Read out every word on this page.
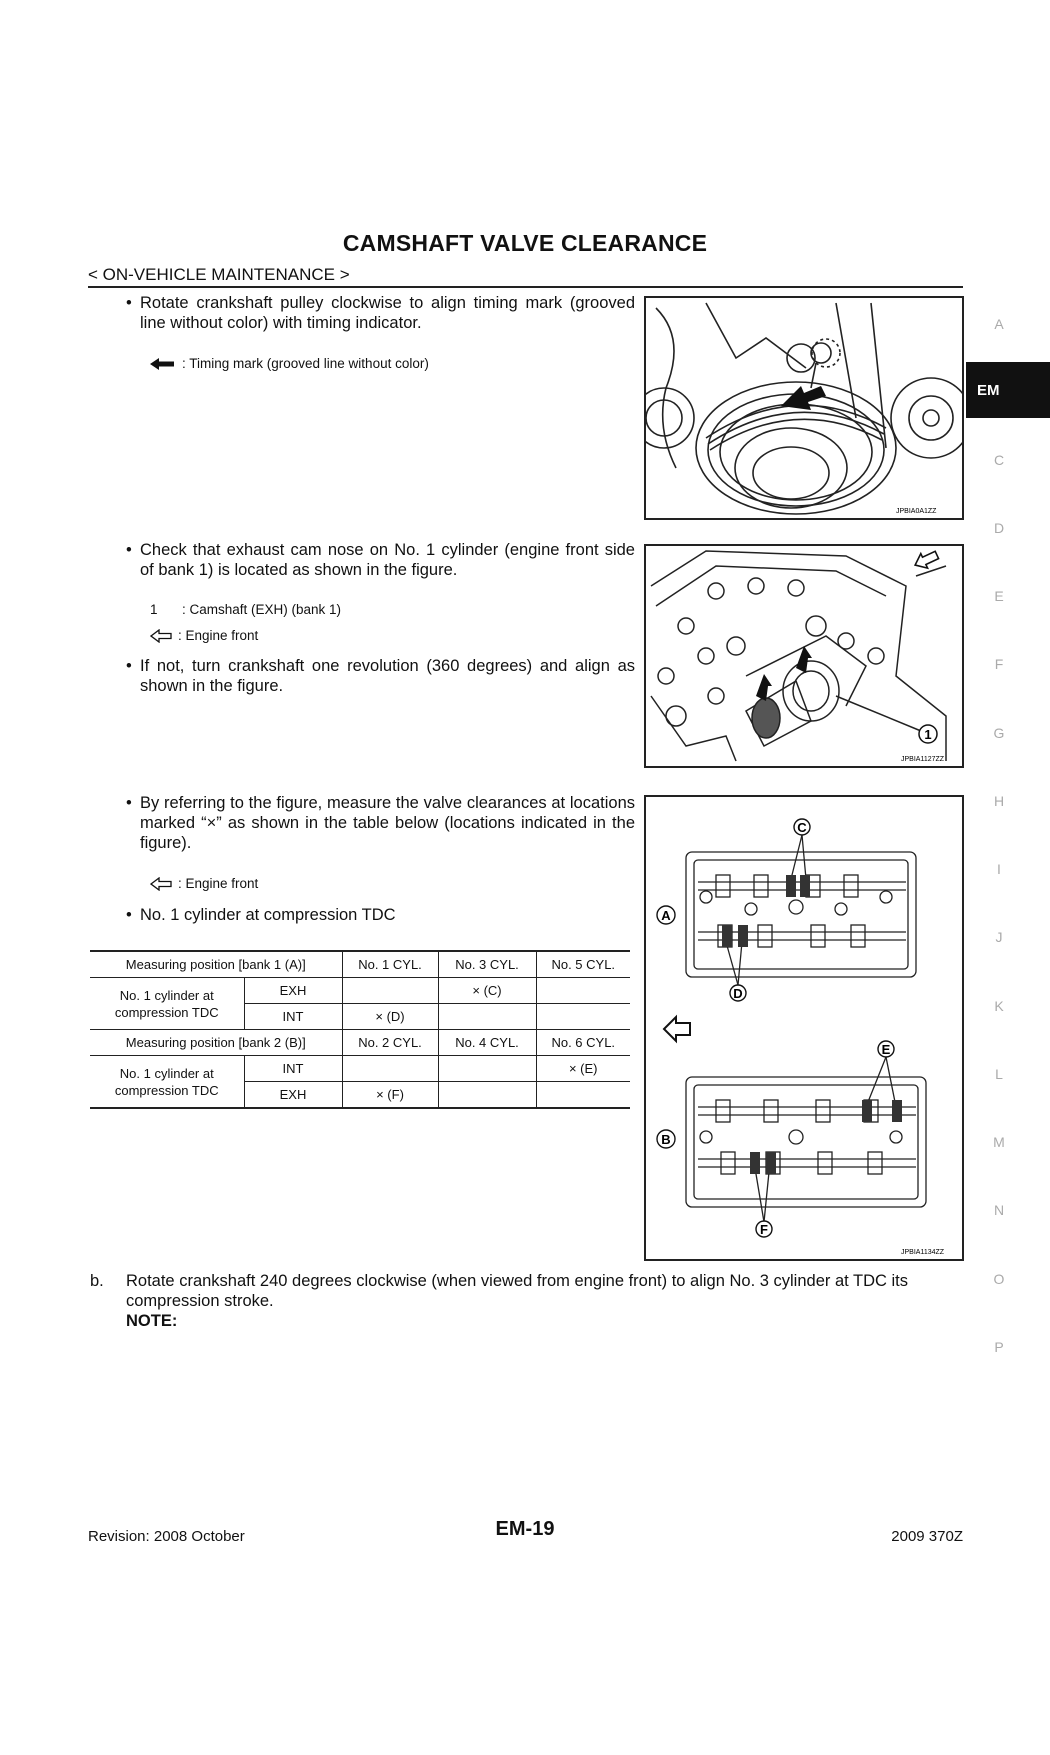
CAMSHAFT VALVE CLEARANCE
< ON-VEHICLE MAINTENANCE >
• Rotate crankshaft pulley clockwise to align timing mark (grooved line without color) with timing indicator.
: Timing mark (grooved line without color)
JPBIA0A1ZZ
• Check that exhaust cam nose on No. 1 cylinder (engine front side of bank 1) is located as shown in the figure.
1	: Camshaft (EXH) (bank 1)
: Engine front
• If not, turn crankshaft one revolution (360 degrees) and align as shown in the figure.
1
JPBIA1127ZZ
• By referring to the figure, measure the valve clearances at locations marked “×” as shown in the table below (locations indicated in the figure).
: Engine front
• No. 1 cylinder at compression TDC
Measuring position [bank 1 (A)]		No. 1 CYL.	No. 3 CYL.	No. 5 CYL.
No. 1 cylinder at compression TDC	EXH		× (C)	
	INT	× (D)		
Measuring position [bank 2 (B)]		No. 2 CYL.	No. 4 CYL.	No. 6 CYL.
No. 1 cylinder at compression TDC	INT			× (E)
	EXH	× (F)		
C
A
D
E
B
F
JPBIA1134ZZ
b. Rotate crankshaft 240 degrees clockwise (when viewed from engine front) to align No. 3 cylinder at TDC its compression stroke.
NOTE:
EM
A
C
D
E
F
G
H
I
J
K
L
M
N
O
P
Revision: 2008 October	EM-19	2009 370Z
